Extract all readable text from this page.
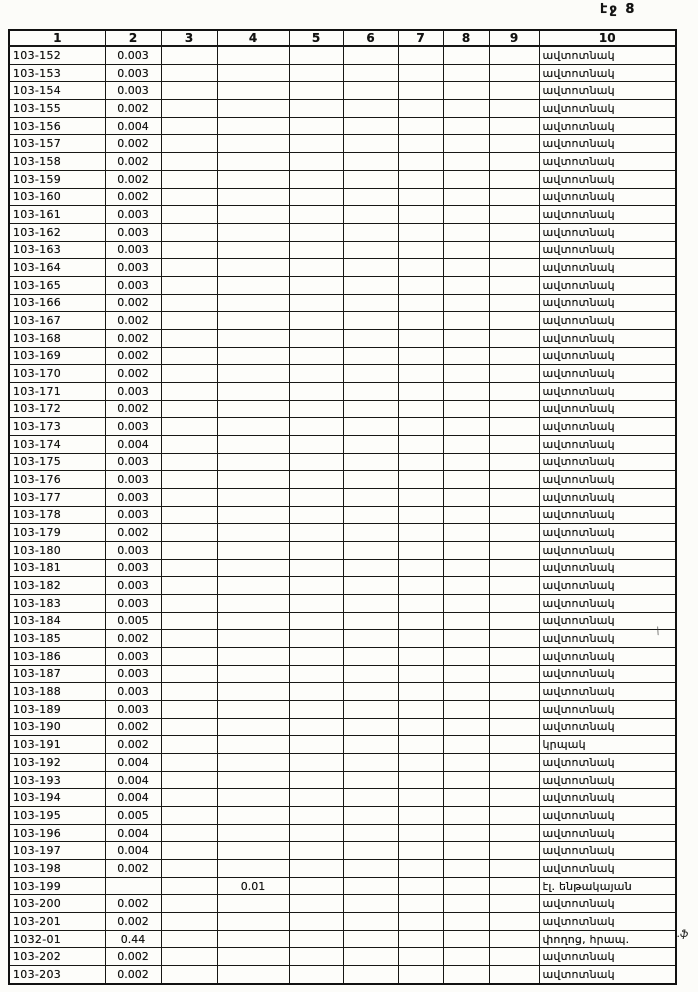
էջ 8
1	2	3	4	5	6	7	8	9	10
103-152	0.003								ավտոտնակ
103-153	0.003								ավտոտնակ
103-154	0.003								ավտոտնակ
103-155	0.002								ավտոտնակ
103-156	0.004								ավտոտնակ
103-157	0.002								ավտոտնակ
103-158	0.002								ավտոտնակ
103-159	0.002								ավտոտնակ
103-160	0.002								ավտոտնակ
103-161	0.003								ավտոտնակ
103-162	0.003								ավտոտնակ
103-163	0.003								ավտոտնակ
103-164	0.003								ավտոտնակ
103-165	0.003								ավտոտնակ
103-166	0.002								ավտոտնակ
103-167	0.002								ավտոտնակ
103-168	0.002								ավտոտնակ
103-169	0.002								ավտոտնակ
103-170	0.002								ավտոտնակ
103-171	0.003								ավտոտնակ
103-172	0.002								ավտոտնակ
103-173	0.003								ավտոտնակ
103-174	0.004								ավտոտնակ
103-175	0.003								ավտոտնակ
103-176	0.003								ավտոտնակ
103-177	0.003								ավտոտնակ
103-178	0.003								ավտոտնակ
103-179	0.002								ավտոտնակ
103-180	0.003								ավտոտնակ
103-181	0.003								ավտոտնակ
103-182	0.003								ավտոտնակ
103-183	0.003								ավտոտնակ
103-184	0.005								ավտոտնակ
103-185	0.002								ավտոտնակ
103-186	0.003								ավտոտնակ
103-187	0.003								ավտոտնակ
103-188	0.003								ավտոտնակ
103-189	0.003								ավտոտնակ
103-190	0.002								ավտոտնակ
103-191	0.002								կրպակ
103-192	0.004								ավտոտնակ
103-193	0.004								ավտոտնակ
103-194	0.004								ավտոտնակ
103-195	0.005								ավտոտնակ
103-196	0.004								ավտոտնակ
103-197	0.004								ավտոտնակ
103-198	0.002								ավտոտնակ
103-199			0.01						էլ. ենթակայան
103-200	0.002								ավտոտնակ
103-201	0.002								ավտոտնակ
1032-01	0.44								փողոց, հրապ.
103-202	0.002								ավտոտնակ
103-203	0.002								ավտոտնակ
.ֆ
\
